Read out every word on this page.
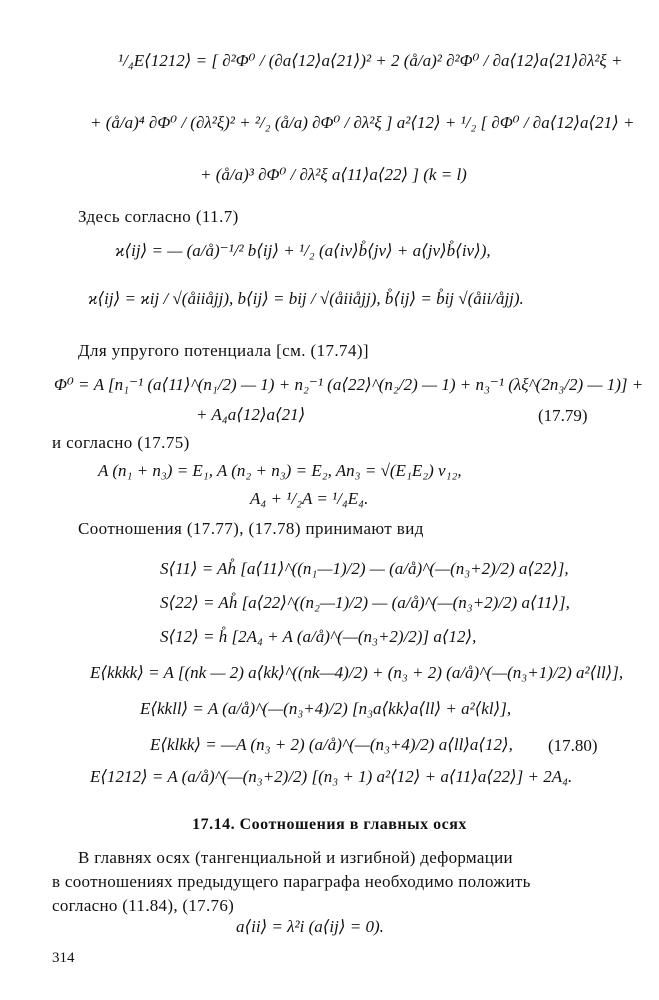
¹/₄E⟨1212⟩ = [ ∂²Φ⁰ / (∂a⟨12⟩a⟨21⟩)² + 2 (å/a)² ∂²Φ⁰ / ∂a⟨12⟩a⟨21⟩∂λ²ξ +
+ (å/a)⁴ ∂Φ⁰ / (∂λ²ξ)² + ²/₂ (å/a) ∂Φ⁰ / ∂λ²ξ ] a²⟨12⟩ + ¹/₂ [ ∂Φ⁰ / ∂a⟨12⟩a⟨21⟩ +
+ (å/a)³ ∂Φ⁰ / ∂λ²ξ a⟨11⟩a⟨22⟩ ] (k = l)
Здесь согласно (11.7)
ϰ⟨ij⟩ = — (a/å)⁻¹/² b⟨ij⟩ + ¹/₂ (a⟨iν⟩b̊⟨jν⟩ + a⟨jν⟩b̊⟨iν⟩),
ϰ⟨ij⟩ = ϰij / √(åiiåjj), b⟨ij⟩ = bij / √(åiiåjj), b̊⟨ij⟩ = b̊ij √(åii/åjj).
Для упругого потенциала [см. (17.74)]
Φ⁰ = A [n₁⁻¹ (a⟨11⟩^(n₁/2) — 1) + n₂⁻¹ (a⟨22⟩^(n₂/2) — 1) + n₃⁻¹ (λξ^(2n₃/2) — 1)] +
+ A₄a⟨12⟩a⟨21⟩	(17.79)
и согласно (17.75)
A (n₁ + n₃) = E₁, A (n₂ + n₃) = E₂, An₃ = √(E₁E₂) ν₁₂,
A₄ + ¹/₂A = ¹/₄E₄.
Соотношения (17.77), (17.78) принимают вид
S⟨11⟩ = Ah̊ [a⟨11⟩^((n₁—1)/2) — (a/å)^(—(n₃+2)/2) a⟨22⟩],
S⟨22⟩ = Ah̊ [a⟨22⟩^((n₂—1)/2) — (a/å)^(—(n₃+2)/2) a⟨11⟩],
S⟨12⟩ = h̊ [2A₄ + A (a/å)^(—(n₃+2)/2)] a⟨12⟩,
E⟨kkkk⟩ = A [(nk — 2) a⟨kk⟩^((nk—4)/2) + (n₃ + 2) (a/å)^(—(n₃+1)/2) a²⟨ll⟩],
E⟨kkll⟩ = A (a/å)^(—(n₃+4)/2) [n₃a⟨kk⟩a⟨ll⟩ + a²⟨kl⟩],
E⟨klkk⟩ = —A (n₃ + 2) (a/å)^(—(n₃+4)/2) a⟨ll⟩a⟨12⟩, (17.80)
E⟨1212⟩ = A (a/å)^(—(n₃+2)/2) [(n₃ + 1) a²⟨12⟩ + a⟨11⟩a⟨22⟩] + 2A₄.
17.14. Соотношения в главных осях
В главнях осях (тангенциальной и изгибной) деформации
в соотношениях предыдущего параграфа необходимо положить
согласно (11.84), (17.76)
a⟨ii⟩ = λ²i (a⟨ij⟩ = 0).
314
